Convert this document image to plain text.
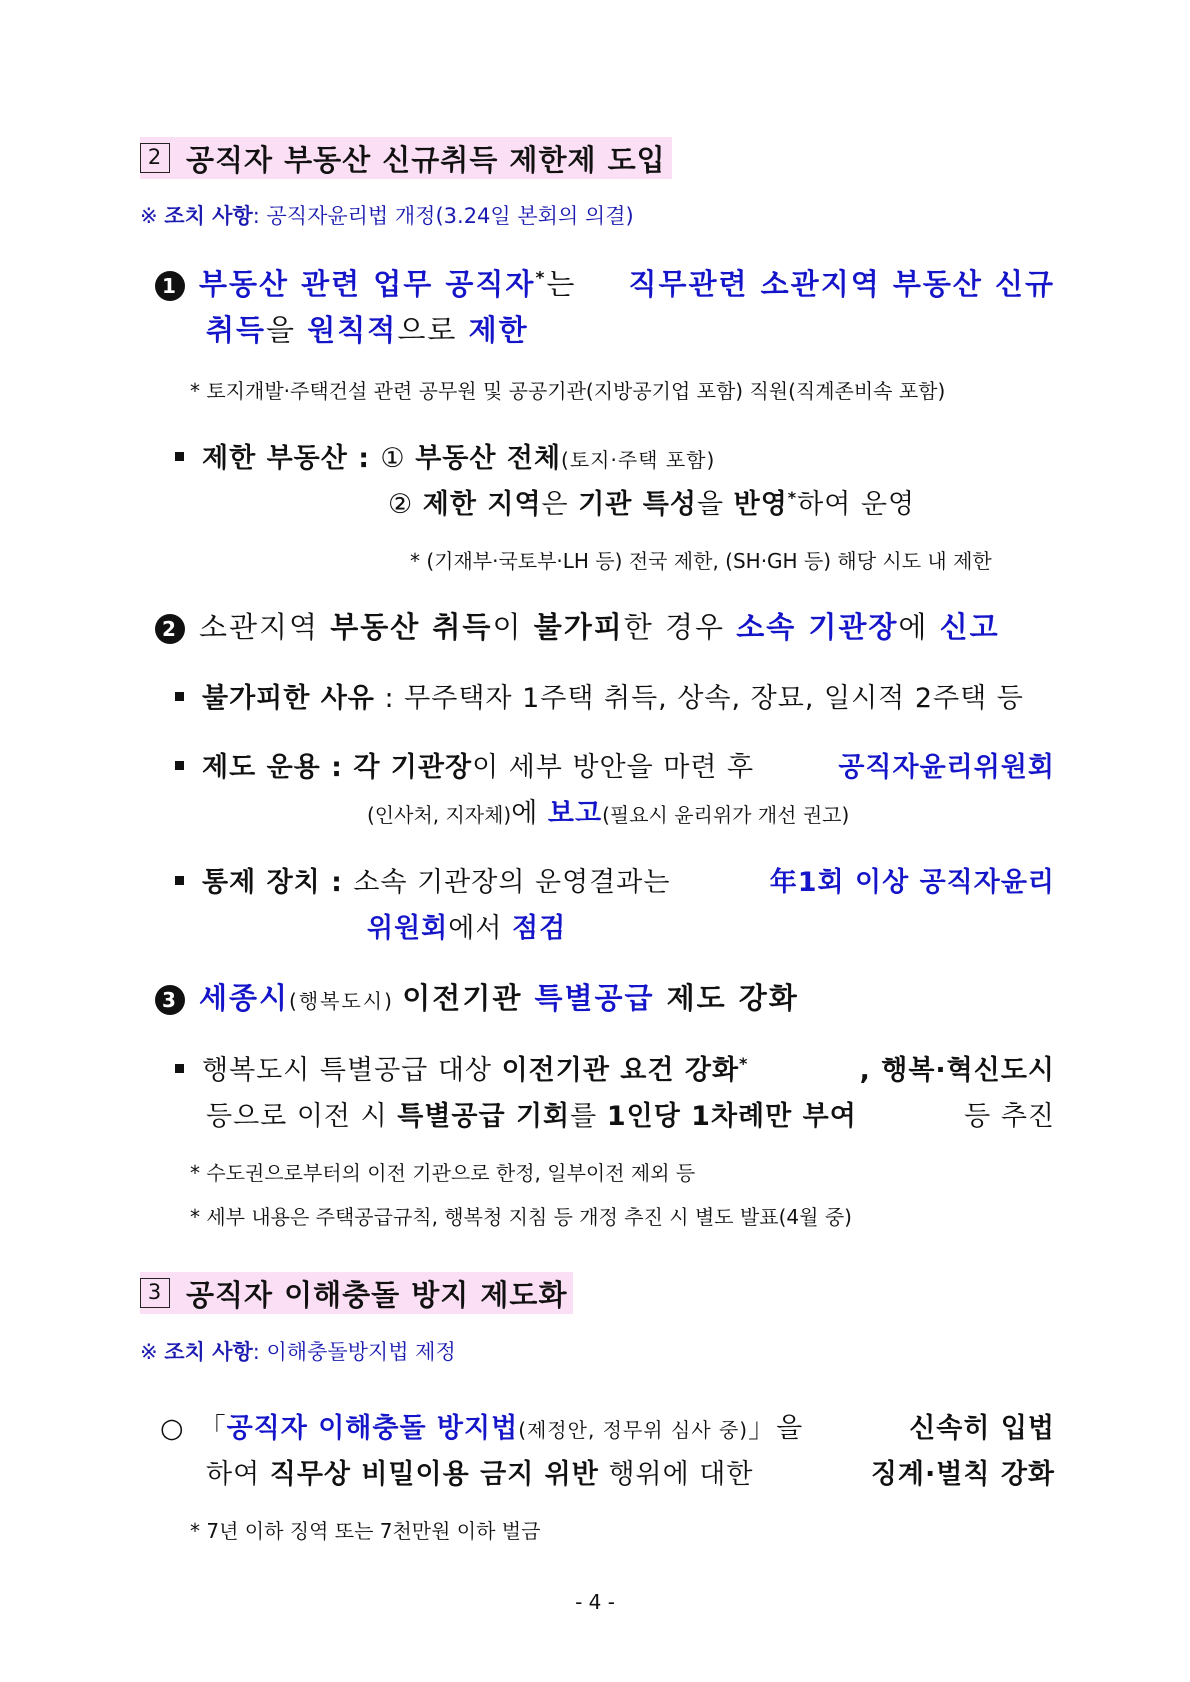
2 공직자 부동산 신규취득 제한제 도입
※ 조치 사항: 공직자윤리법 개정(3.24일 본회의 의결)
1 부동산 관련 업무 공직자*는 직무관련 소관지역 부동산 신규
취득을 원칙적으로 제한
* 토지개발·주택건설 관련 공무원 및 공공기관(지방공기업 포함) 직원(직계존비속 포함)
제한 부동산 : ① 부동산 전체(토지·주택 포함)
② 제한 지역은 기관 특성을 반영*하여 운영
* (기재부·국토부·LH 등) 전국 제한, (SH·GH 등) 해당 시도 내 제한
2 소관지역 부동산 취득이 불가피한 경우 소속 기관장에 신고
불가피한 사유 : 무주택자 1주택 취득, 상속, 장묘, 일시적 2주택 등
제도 운용 : 각 기관장이 세부 방안을 마련 후	공직자윤리위원회
(인사처, 지자체)에 보고(필요시 윤리위가 개선 권고)
통제 장치 : 소속 기관장의 운영결과는	年1회 이상 공직자윤리
위원회에서 점검
3 세종시(행복도시) 이전기관 특별공급 제도 강화
행복도시 특별공급 대상 이전기관 요건 강화*	, 행복·혁신도시
등으로 이전 시 특별공급 기회를 1인당 1차례만 부여	등 추진
* 수도권으로부터의 이전 기관으로 한정, 일부이전 제외 등
* 세부 내용은 주택공급규칙, 행복청 지침 등 개정 추진 시 별도 발표(4월 중)
3 공직자 이해충돌 방지 제도화
※ 조치 사항: 이해충돌방지법 제정
○ 「공직자 이해충돌 방지법(제정안, 정무위 심사 중)」을	신속히 입법
하여 직무상 비밀이용 금지 위반 행위에 대한	징계·벌칙 강화
* 7년 이하 징역 또는 7천만원 이하 벌금
- 4 -
